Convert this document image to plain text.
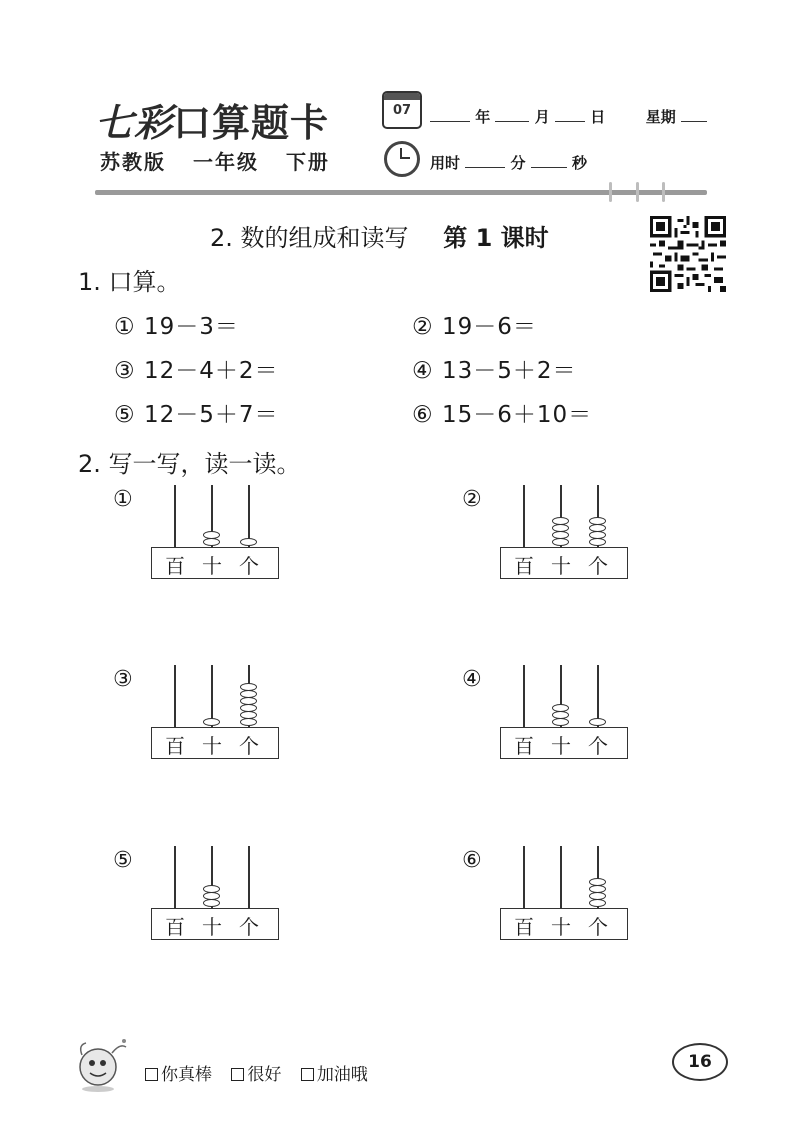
七彩口算题卡
苏教版 一年级 下册
07	年	月	日	星期
用时	分	秒
2. 数的组成和读写 第 1 课时
1. 口算。
① 19－3＝	② 19－6＝
③ 12－4＋2＝	④ 13－5＋2＝
⑤ 12－5＋7＝	⑥ 15－6＋10＝
2. 写一写，读一读。
①
百 十 个
②
百 十 个
③
百 十 个
④
百 十 个
⑤
百 十 个
⑥
百 十 个
你真棒 很好 加油哦
16
